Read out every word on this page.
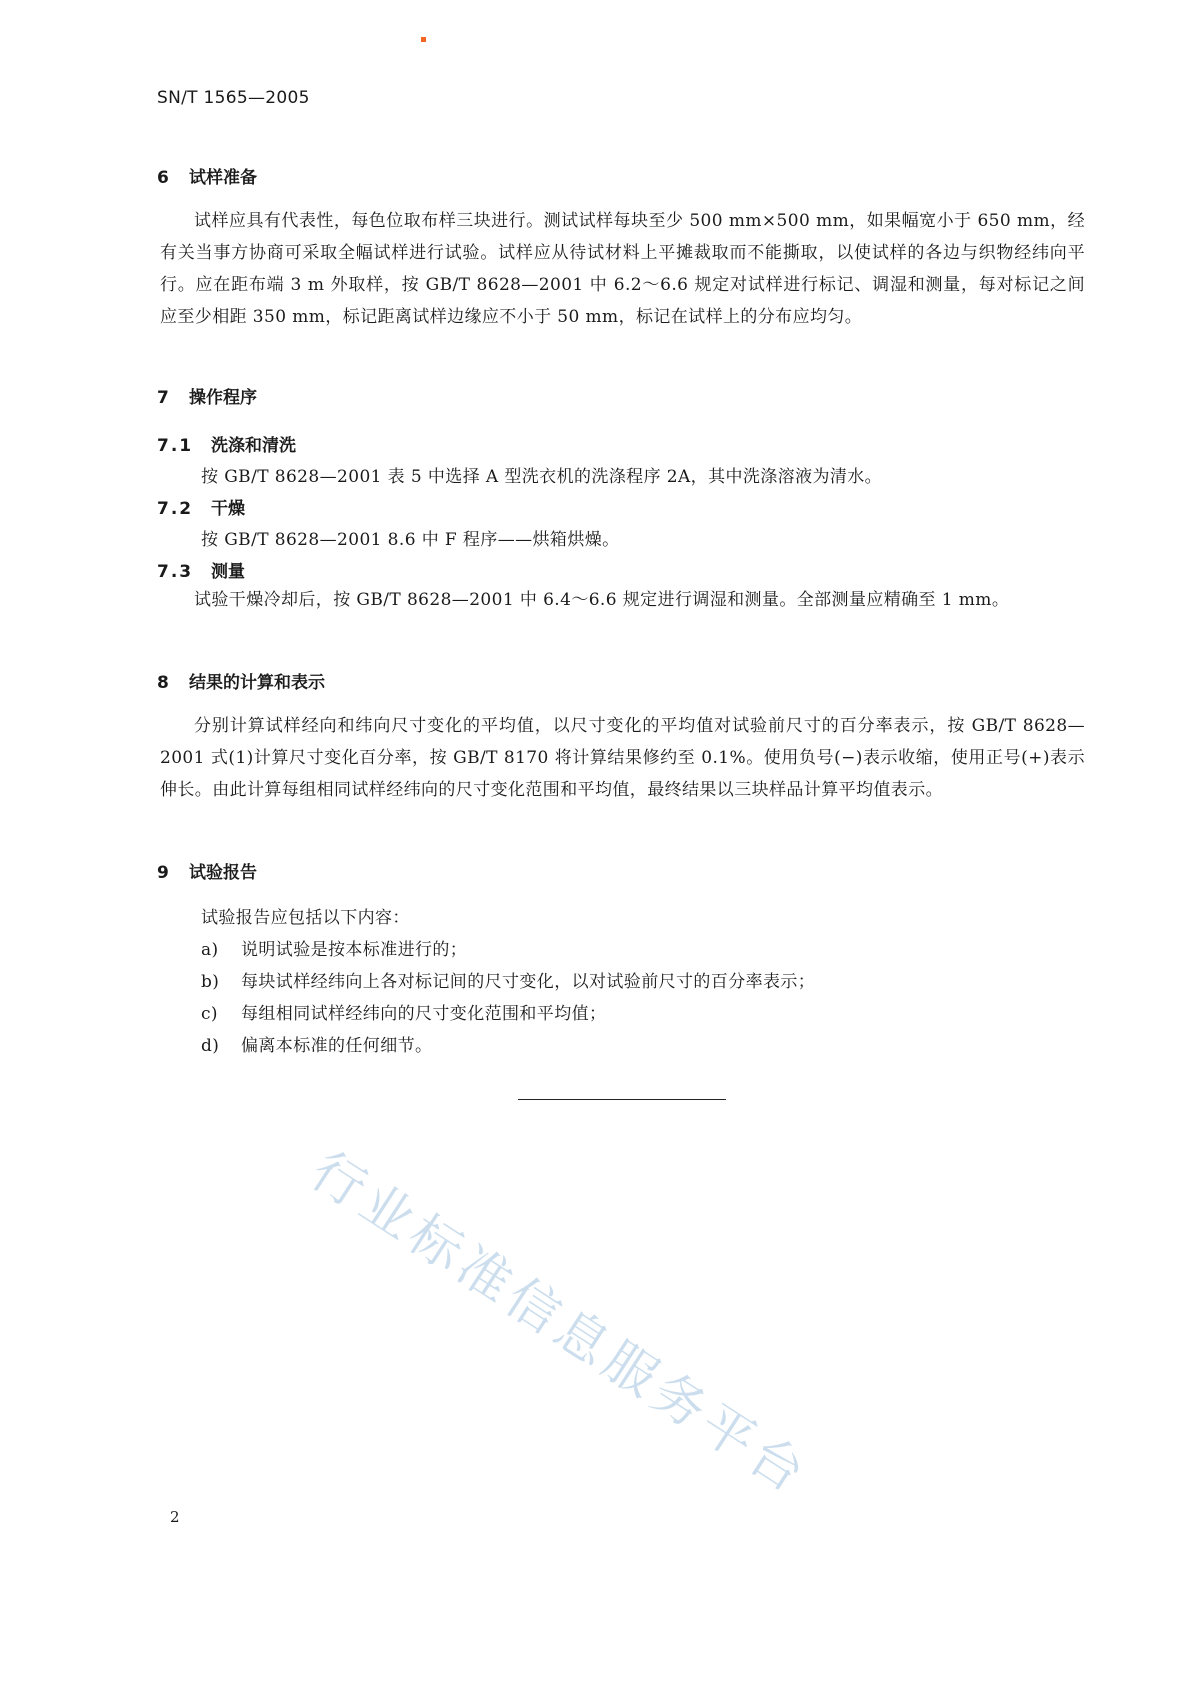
SN/T 1565—2005
6 试样准备

试样应具有代表性，每色位取布样三块进行。测试试样每块至少 500 mm×500 mm，如果幅宽小于 650 mm，经有关当事方协商可采取全幅试样进行试验。试样应从待试材料上平摊裁取而不能撕取，以使试样的各边与织物经纬向平行。应在距布端 3 m 外取样，按 GB/T 8628—2001 中 6.2～6.6 规定对试样进行标记、调湿和测量，每对标记之间应至少相距 350 mm，标记距离试样边缘应不小于 50 mm，标记在试样上的分布应均匀。

7 操作程序
7.1 洗涤和清洗
按 GB/T 8628—2001 表 5 中选择 A 型洗衣机的洗涤程序 2A，其中洗涤溶液为清水。
7.2 干燥
按 GB/T 8628—2001 8.6 中 F 程序——烘箱烘燥。
7.3 测量

试验干燥冷却后，按 GB/T 8628—2001 中 6.4～6.6 规定进行调湿和测量。全部测量应精确至 1 mm。

8 结果的计算和表示

分别计算试样经向和纬向尺寸变化的平均值，以尺寸变化的平均值对试验前尺寸的百分率表示，按 GB/T 8628—2001 式(1)计算尺寸变化百分率，按 GB/T 8170 将计算结果修约至 0.1%。使用负号(−)表示收缩，使用正号(+)表示伸长。由此计算每组相同试样经纬向的尺寸变化范围和平均值，最终结果以三块样品计算平均值表示。

9 试验报告
试验报告应包括以下内容：
a) 说明试验是按本标准进行的；
b) 每块试样经纬向上各对标记间的尺寸变化，以对试验前尺寸的百分率表示；
c) 每组相同试样经纬向的尺寸变化范围和平均值；
d) 偏离本标准的任何细节。
行业标准信息服务平台
2
